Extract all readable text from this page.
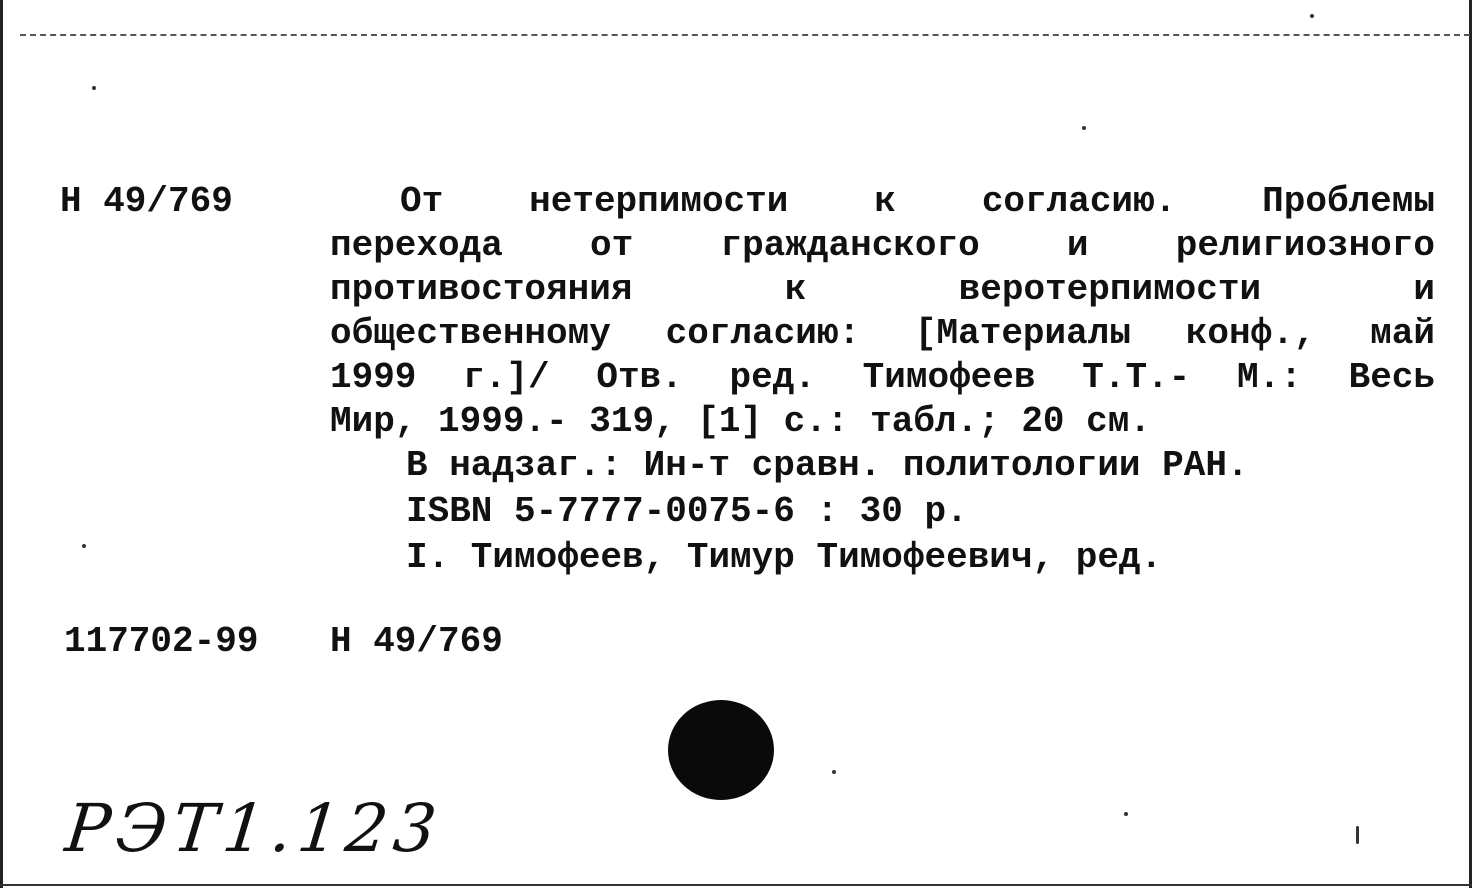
Н 49/769	От нетерпимости к согласию. Проблемы
перехода от гражданского и религиозного
противостояния к веротерпимости и
общественному согласию: [Материалы конф., май
1999 г.]/ Отв. ред. Тимофеев Т.Т.- М.: Весь
Мир, 1999.- 319, [1] с.: табл.; 20 см.
В надзаг.: Ин-т сравн. политологии РАН.
ISBN 5-7777-0075-6 : 30 р.
I. Тимофеев, Тимур Тимофеевич, ред.
117702-99 Н 49/769
РЭТ1.123
